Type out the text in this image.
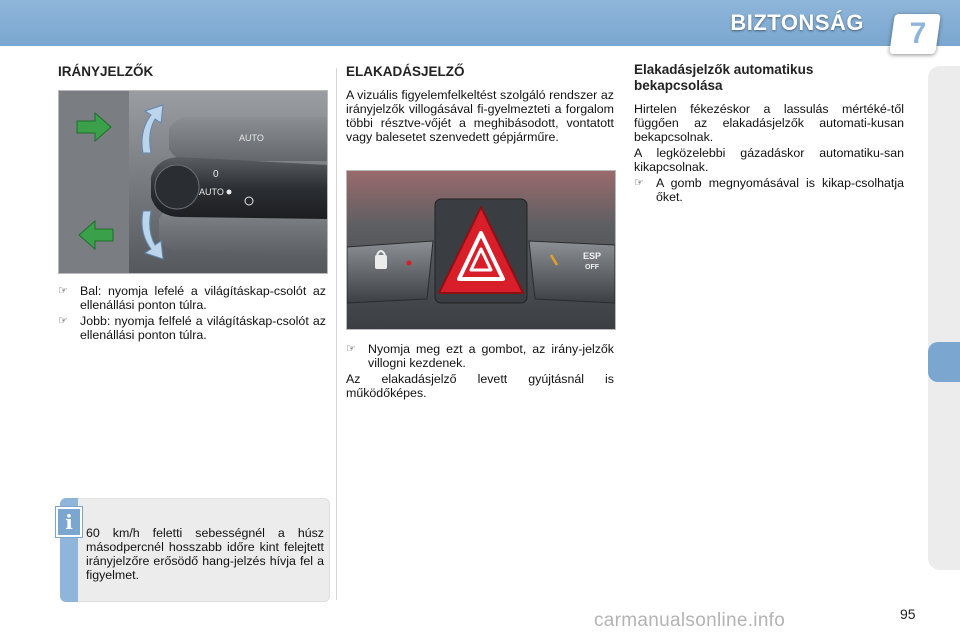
BIZTONSÁG 7
IRÁNYJELZŐK
0
AUTO
AUTO
☞ Bal: nyomja lefelé a világításkap-csolót az ellenállási ponton túlra.
☞ Jobb: nyomja felfelé a világításkap-csolót az ellenállási ponton túlra.
i	60 km/h feletti sebességnél a húsz másodpercnél hosszabb időre kint felejtett irányjelzőre erősödő hang-jelzés hívja fel a figyelmet.
ELAKADÁSJELZŐ

A vizuális figyelemfelkeltést szolgáló rendszer az irányjelzők villogásával fi-gyelmezteti a forgalom többi résztve-vőjét a meghibásodott, vontatott vagy balesetet szenvedett gépjárműre.

ESP
OFF
☞ Nyomja meg ezt a gombot, az irány-jelzők villogni kezdenek.

Az elakadásjelző levett gyújtásnál is működőképes.

Elakadásjelzők automatikus
bekapcsolása

Hirtelen fékezéskor a lassulás mértéké-től függően az elakadásjelzők automati-kusan bekapcsolnak.

A legközelebbi gázadáskor automatiku-san kikapcsolnak.

☞ A gomb megnyomásával is kikap-csolhatja őket.
95
carmanualsonline.info
